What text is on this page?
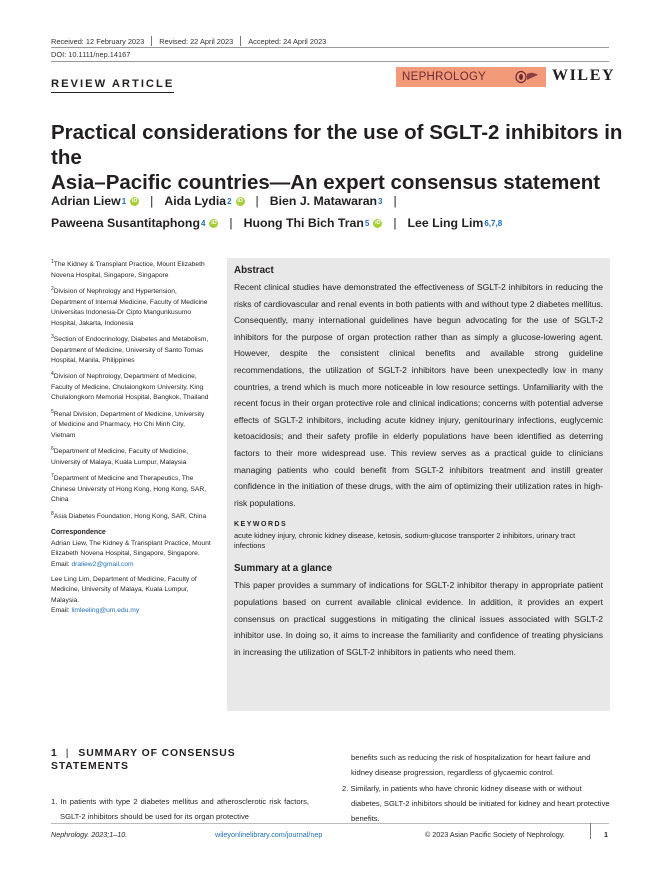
Received: 12 February 2023 Revised: 22 April 2023 Accepted: 24 April 2023
DOI: 10.1111/nep.14167
REVIEW ARTICLE
NEPHROLOGY	WILEY
Practical considerations for the use of SGLT-2 inhibitors in the
Asia–Pacific countries—An expert consensus statement
Adrian Liew 1	iD | Aida Lydia 2	iD | Bien J. Matawaran 3 |
Paweena Susantitaphong 4	iD | Huong Thi Bich Tran 5	iD | Lee Ling Lim 6,7,8

$^1$The Kidney & Transplant Practice, Mount Elizabeth Novena Hospital, Singapore, Singapore

$^2$Division of Nephrology and Hypertension, Department of Internal Medicine, Faculty of Medicine Universitas Indonesia-Dr Cipto Mangunkusumo Hospital, Jakarta, Indonesia

$^3$Section of Endocrinology, Diabetes and Metabolism, Department of Medicine, University of Santo Tomas Hospital, Manila, Philippines

$^4$Division of Nephrology, Department of Medicine, Faculty of Medicine, Chulalongkorn University, King Chulalongkorn Memorial Hospital, Bangkok, Thailand

$^5$Renal Division, Department of Medicine, University of Medicine and Pharmacy, Ho Chi Minh City, Vietnam

$^6$Department of Medicine, Faculty of Medicine, University of Malaya, Kuala Lumpur, Malaysia

$^7$Department of Medicine and Therapeutics, The Chinese University of Hong Kong, Hong Kong, SAR, China

$^8$Asia Diabetes Foundation, Hong Kong, SAR, China

Correspondence

Adrian Liew, The Kidney & Transplant Practice, Mount Elizabeth Novena Hospital, Singapore, Singapore.
Email: draliew2@gmail.com

Lee Ling Lim, Department of Medicine, Faculty of Medicine, University of Malaya, Kuala Lumpur, Malaysia.
Email: limleeling@um.edu.my

Abstract
Recent clinical studies have demonstrated the effectiveness of SGLT-2 inhibitors in reducing the risks of cardiovascular and renal events in both patients with and without type 2 diabetes mellitus. Consequently, many international guidelines have begun advocating for the use of SGLT-2 inhibitors for the purpose of organ protection rather than as simply a glucose-lowering agent. However, despite the consistent clinical benefits and available strong guideline recommendations, the utilization of SGLT-2 inhibitors have been unexpectedly low in many countries, a trend which is much more noticeable in low resource settings. Unfamiliarity with the recent focus in their organ protective role and clinical indications; concerns with potential adverse effects of SGLT-2 inhibitors, including acute kidney injury, genitourinary infections, euglycemic ketoacidosis; and their safety profile in elderly populations have been identified as deterring factors to their more widespread use. This review serves as a practical guide to clinicians managing patients who could benefit from SGLT-2 inhibitors treatment and instill greater confidence in the initiation of these drugs, with the aim of optimizing their utilization rates in high-risk populations.
KEYWORDS
acute kidney injury, chronic kidney disease, ketosis, sodium-glucose transporter 2 inhibitors, urinary tract infections
Summary at a glance
This paper provides a summary of indications for SGLT-2 inhibitor therapy in appropriate patient populations based on current available clinical evidence. In addition, it provides an expert consensus on practical suggestions in mitigating the clinical issues associated with SGLT-2 inhibitor use. In doing so, it aims to increase the familiarity and confidence of treating physicians in increasing the utilization of SGLT-2 inhibitors in patients who need them.
1 | SUMMARY OF CONSENSUS STATEMENTS
1. In patients with type 2 diabetes mellitus and atherosclerotic risk factors, SGLT-2 inhibitors should be used for its organ protective
benefits such as reducing the risk of hospitalization for heart failure and kidney disease progression, regardless of glycaemic control.
2. Similarly, in patients who have chronic kidney disease with or without diabetes, SGLT-2 inhibitors should be initiated for kidney and heart protective benefits.
Nephrology. 2023;1–10.	wileyonlinelibrary.com/journal/nep	© 2023 Asian Pacific Society of Nephrology.	1
